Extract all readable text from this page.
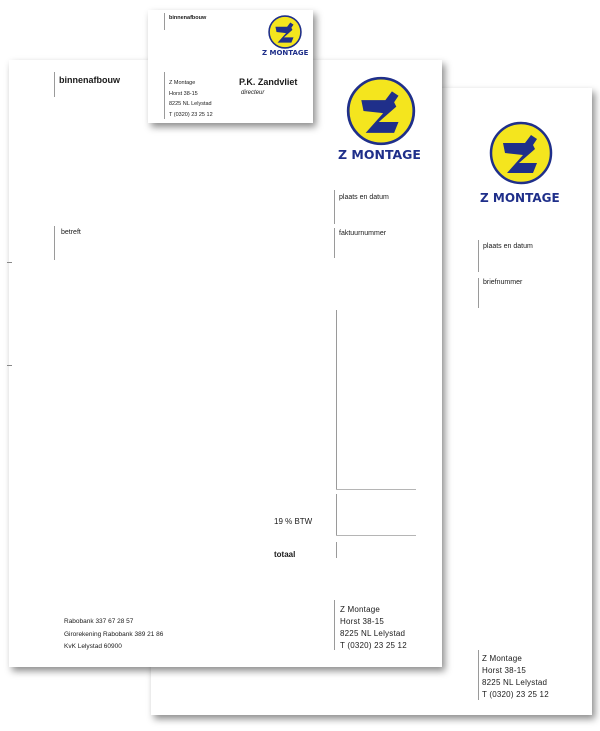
Z MONTAGE
plaats en datum
briefnummer
Z Montage
Horst 38-15
8225 NL Lelystad
T (0320) 23 25 12
binnenafbouw
Z MONTAGE
betreft
plaats en datum
faktuurnummer
19 % BTW
totaal
Rabobank 337 67 28 57
Girorekening Rabobank 389 21 86
KvK Lelystad 60900
Z Montage
Horst 38-15
8225 NL Lelystad
T (0320) 23 25 12
binnenafbouw
Z MONTAGE
Z Montage
Horst 38-15
8225 NL Lelystad
T (0320) 23 25 12
P.K. Zandvliet
directeur
